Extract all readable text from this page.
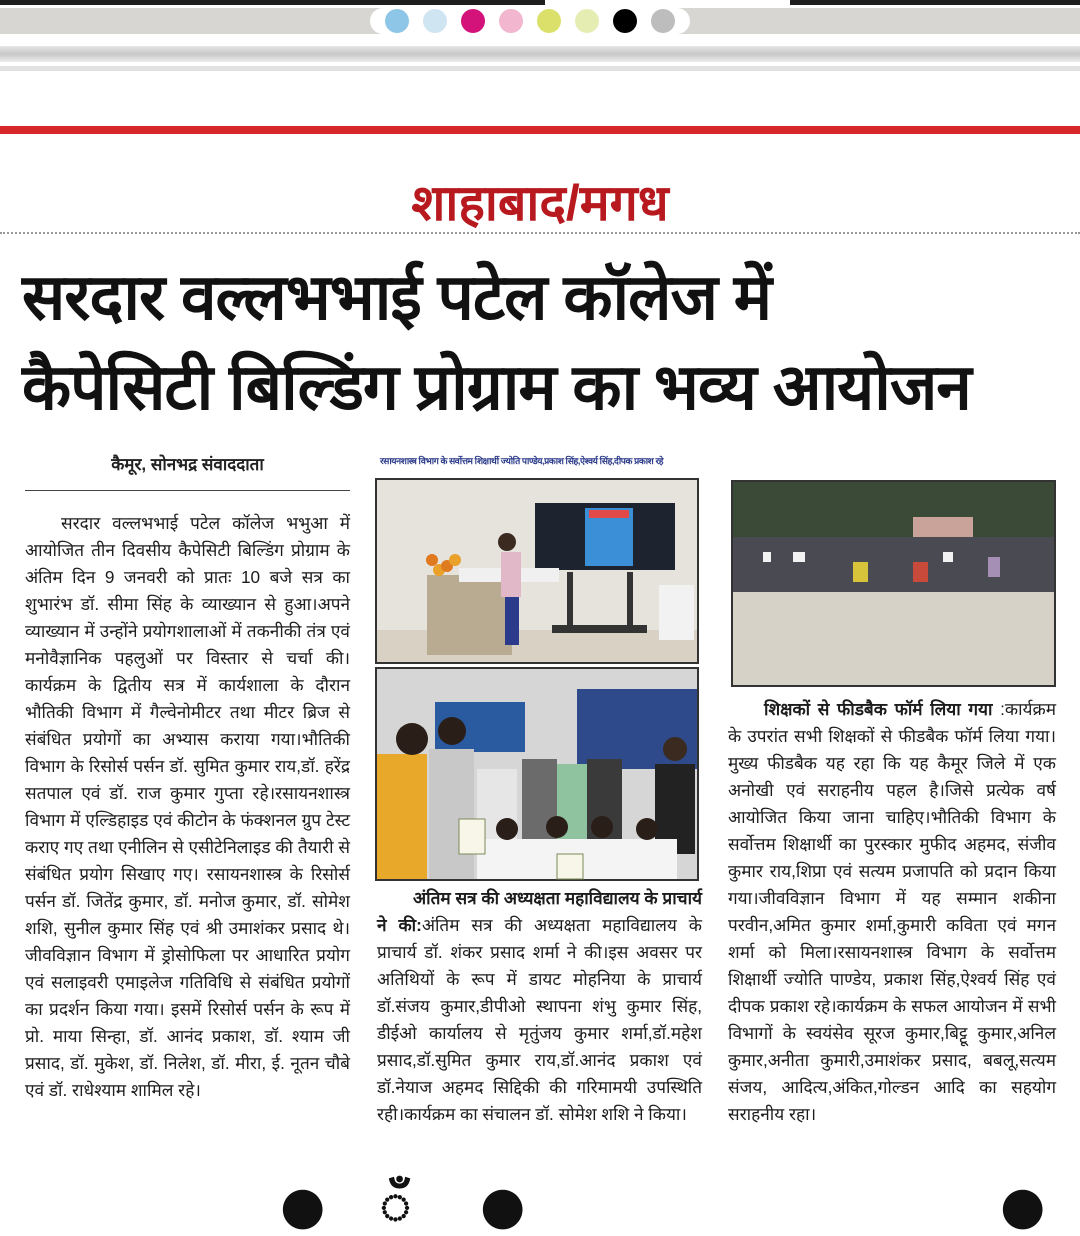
शाहाबाद/मगध
सरदार वल्लभभाई पटेल कॉलेज में
कैपेसिटी बिल्डिंग प्रोग्राम का भव्य आयोजन
कैमूर, सोनभद्र संवाददाता	रसायनशास्त्र विभाग के सर्वोत्तम शिक्षार्थी ज्योति पाण्डेय,प्रकाश सिंह,ऐश्वर्य सिंह,दीपक प्रकाश रहे

सरदार वल्लभभाई पटेल कॉलेज भभुआ में आयोजित तीन दिवसीय कैपेसिटी बिल्डिंग प्रोग्राम के अंतिम दिन 9 जनवरी को प्रातः 10 बजे सत्र का शुभारंभ डॉ. सीमा सिंह के व्याख्यान से हुआ।अपने व्याख्यान में उन्होंने प्रयोगशालाओं में तकनीकी तंत्र एवं मनोवैज्ञानिक पहलुओं पर विस्तार से चर्चा की।कार्यक्रम के द्वितीय सत्र में कार्यशाला के दौरान भौतिकी विभाग में गैल्वेनोमीटर तथा मीटर ब्रिज से संबंधित प्रयोगों का अभ्यास कराया गया।भौतिकी विभाग के रिसोर्स पर्सन डॉ. सुमित कुमार राय,डॉ. हरेंद्र सतपाल एवं डॉ. राज कुमार गुप्ता रहे।रसायनशास्त्र विभाग में एल्डिहाइड एवं कीटोन के फंक्शनल ग्रुप टेस्ट कराए गए तथा एनीलिन से एसीटेनिलाइड की तैयारी से संबंधित प्रयोग सिखाए गए। रसायनशास्त्र के रिसोर्स पर्सन डॉ. जितेंद्र कुमार, डॉ. मनोज कुमार, डॉ. सोमेश शशि, सुनील कुमार सिंह एवं श्री उमाशंकर प्रसाद थे।जीवविज्ञान विभाग में ड्रोसोफिला पर आधारित प्रयोग एवं सलाइवरी एमाइलेज गतिविधि से संबंधित प्रयोगों का प्रदर्शन किया गया। इसमें रिसोर्स पर्सन के रूप में प्रो. माया सिन्हा, डॉ. आनंद प्रकाश, डॉ. श्याम जी प्रसाद, डॉ. मुकेश, डॉ. निलेश, डॉ. मीरा, ई. नूतन चौबे एवं डॉ. राधेश्याम शामिल रहे।

अंतिम सत्र की अध्यक्षता महाविद्यालय के प्राचार्य ने की:अंतिम सत्र की अध्यक्षता महाविद्यालय के प्राचार्य डॉ. शंकर प्रसाद शर्मा ने की।इस अवसर पर अतिथियों के रूप में डायट मोहनिया के प्राचार्य डॉ.संजय कुमार,डीपीओ स्थापना शंभु कुमार सिंह, डीईओ कार्यालय से मृतुंजय कुमार शर्मा,डॉ.महेश प्रसाद,डॉ.सुमित कुमार राय,डॉ.आनंद प्रकाश एवं डॉ.नेयाज अहमद सिद्दिकी की गरिमामयी उपस्थिति रही।कार्यक्रम का संचालन डॉ. सोमेश शशि ने किया।

शिक्षकों से फीडबैक फॉर्म लिया गया :कार्यक्रम के उपरांत सभी शिक्षकों से फीडबैक फॉर्म लिया गया। मुख्य फीडबैक यह रहा कि यह कैमूर जिले में एक अनोखी एवं सराहनीय पहल है।जिसे प्रत्येक वर्ष आयोजित किया जाना चाहिए।भौतिकी विभाग के सर्वोत्तम शिक्षार्थी का पुरस्कार मुफीद अहमद, संजीव कुमार राय,शिप्रा एवं सत्यम प्रजापति को प्रदान किया गया।जीवविज्ञान विभाग में यह सम्मान शकीना परवीन,अमित कुमार शर्मा,कुमारी कविता एवं मगन शर्मा को मिला।रसायनशास्त्र विभाग के सर्वोत्तम शिक्षार्थी ज्योति पाण्डेय, प्रकाश सिंह,ऐश्वर्य सिंह एवं दीपक प्रकाश रहे।कार्यक्रम के सफल आयोजन में सभी विभागों के स्वयंसेव सूरज कुमार,बिट्टू कुमार,अनिल कुमार,अनीता कुमारी,उमाशंकर प्रसाद, बबलू,सत्यम संजय, आदित्य,अंकित,गोल्डन आदि का सहयोग सराहनीय रहा।

● ँ ●	●
